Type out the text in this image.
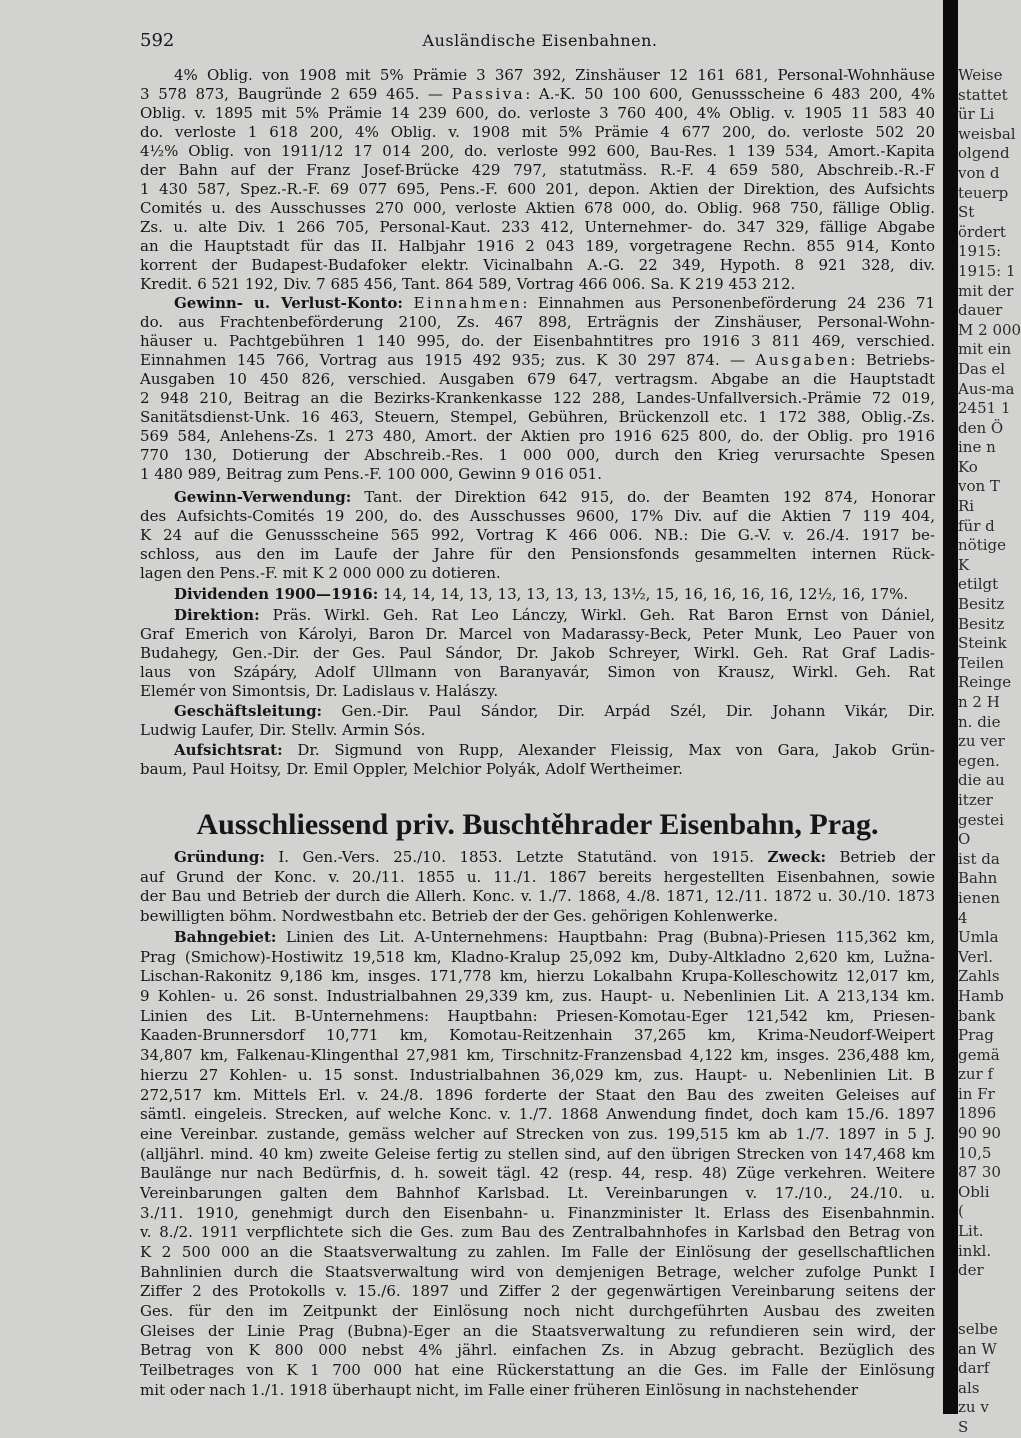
592	Ausländische Eisenbahnen.
Ausschliessend priv. Buschtěhrader Eisenbahn, Prag.
4% Oblig. von 1908 mit 5% Prämie 3 367 392, Zinshäuser 12 161 681, Personal-Wohnhäuse
3 578 873, Baugründe 2 659 465. — Passiva: A.-K. 50 100 600, Genussscheine 6 483 200, 4%
Oblig. v. 1895 mit 5% Prämie 14 239 600, do. verloste 3 760 400, 4% Oblig. v. 1905 11 583 40
do. verloste 1 618 200, 4% Oblig. v. 1908 mit 5% Prämie 4 677 200, do. verloste 502 20
4½% Oblig. von 1911/12 17 014 200, do. verloste 992 600, Bau-Res. 1 139 534, Amort.-Kapita
der Bahn auf der Franz Josef-Brücke 429 797, statutmäss. R.-F. 4 659 580, Abschreib.-R.-F
1 430 587, Spez.-R.-F. 69 077 695, Pens.-F. 600 201, depon. Aktien der Direktion, des Aufsichts
Comités u. des Ausschusses 270 000, verloste Aktien 678 000, do. Oblig. 968 750, fällige Oblig.
Zs. u. alte Div. 1 266 705, Personal-Kaut. 233 412, Unternehmer- do. 347 329, fällige Abgabe
an die Hauptstadt für das II. Halbjahr 1916 2 043 189, vorgetragene Rechn. 855 914, Konto
korrent der Budapest-Budafoker elektr. Vicinalbahn A.-G. 22 349, Hypoth. 8 921 328, div.
Kredit. 6 521 192, Div. 7 685 456, Tant. 864 589, Vortrag 466 006. Sa. K 219 453 212.
Gewinn- u. Verlust-Konto: Einnahmen: Einnahmen aus Personenbeförderung 24 236 71
do. aus Frachtenbeförderung 2100, Zs. 467 898, Erträgnis der Zinshäuser, Personal-Wohn-
häuser u. Pachtgebühren 1 140 995, do. der Eisenbahntitres pro 1916 3 811 469, verschied.
Einnahmen 145 766, Vortrag aus 1915 492 935; zus. K 30 297 874. — Ausgaben: Betriebs-
Ausgaben 10 450 826, verschied. Ausgaben 679 647, vertragsm. Abgabe an die Hauptstadt
2 948 210, Beitrag an die Bezirks-Krankenkasse 122 288, Landes-Unfallversich.-Prämie 72 019,
Sanitätsdienst-Unk. 16 463, Steuern, Stempel, Gebühren, Brückenzoll etc. 1 172 388, Oblig.-Zs.
569 584, Anlehens-Zs. 1 273 480, Amort. der Aktien pro 1916 625 800, do. der Oblig. pro 1916
770 130, Dotierung der Abschreib.-Res. 1 000 000, durch den Krieg verursachte Spesen
1 480 989, Beitrag zum Pens.-F. 100 000, Gewinn 9 016 051.
Gewinn-Verwendung: Tant. der Direktion 642 915, do. der Beamten 192 874, Honorar
des Aufsichts-Comités 19 200, do. des Ausschusses 9600, 17% Div. auf die Aktien 7 119 404,
K 24 auf die Genussscheine 565 992, Vortrag K 466 006. NB.: Die G.-V. v. 26./4. 1917 be-
schloss, aus den im Laufe der Jahre für den Pensionsfonds gesammelten internen Rück-
lagen den Pens.-F. mit K 2 000 000 zu dotieren.
Dividenden 1900—1916: 14, 14, 14, 13, 13, 13, 13, 13, 13½, 15, 16, 16, 16, 16, 12½, 16, 17%.
Direktion: Präs. Wirkl. Geh. Rat Leo Lánczy, Wirkl. Geh. Rat Baron Ernst von Dániel,
Graf Emerich von Károlyi, Baron Dr. Marcel von Madarassy-Beck, Peter Munk, Leo Pauer von
Budahegy, Gen.-Dir. der Ges. Paul Sándor, Dr. Jakob Schreyer, Wirkl. Geh. Rat Graf Ladis-
laus von Szápáry, Adolf Ullmann von Baranyavár, Simon von Krausz, Wirkl. Geh. Rat
Elemér von Simontsis, Dr. Ladislaus v. Halászy.
Geschäftsleitung: Gen.-Dir. Paul Sándor, Dir. Arpád Szél, Dir. Johann Vikár, Dir.
Ludwig Laufer, Dir. Stellv. Armin Sós.
Aufsichtsrat: Dr. Sigmund von Rupp, Alexander Fleissig, Max von Gara, Jakob Grün-
baum, Paul Hoitsy, Dr. Emil Oppler, Melchior Polyák, Adolf Wertheimer.
Gründung: I. Gen.-Vers. 25./10. 1853. Letzte Statutänd. von 1915. Zweck: Betrieb der
auf Grund der Konc. v. 20./11. 1855 u. 11./1. 1867 bereits hergestellten Eisenbahnen, sowie
der Bau und Betrieb der durch die Allerh. Konc. v. 1./7. 1868, 4./8. 1871, 12./11. 1872 u. 30./10. 1873
bewilligten böhm. Nordwestbahn etc. Betrieb der der Ges. gehörigen Kohlenwerke.
Bahngebiet: Linien des Lit. A-Unternehmens: Hauptbahn: Prag (Bubna)-Priesen 115,362 km,
Prag (Smichow)-Hostiwitz 19,518 km, Kladno-Kralup 25,092 km, Duby-Altkladno 2,620 km, Lužna-
Lischan-Rakonitz 9,186 km, insges. 171,778 km, hierzu Lokalbahn Krupa-Kolleschowitz 12,017 km,
9 Kohlen- u. 26 sonst. Industrialbahnen 29,339 km, zus. Haupt- u. Nebenlinien Lit. A 213,134 km.
Linien des Lit. B-Unternehmens: Hauptbahn: Priesen-Komotau-Eger 121,542 km, Priesen-
Kaaden-Brunnersdorf 10,771 km, Komotau-Reitzenhain 37,265 km, Krima-Neudorf-Weipert
34,807 km, Falkenau-Klingenthal 27,981 km, Tirschnitz-Franzensbad 4,122 km, insges. 236,488 km,
hierzu 27 Kohlen- u. 15 sonst. Industrialbahnen 36,029 km, zus. Haupt- u. Nebenlinien Lit. B
272,517 km. Mittels Erl. v. 24./8. 1896 forderte der Staat den Bau des zweiten Geleises auf
sämtl. eingeleis. Strecken, auf welche Konc. v. 1./7. 1868 Anwendung findet, doch kam 15./6. 1897
eine Vereinbar. zustande, gemäss welcher auf Strecken von zus. 199,515 km ab 1./7. 1897 in 5 J.
(alljährl. mind. 40 km) zweite Geleise fertig zu stellen sind, auf den übrigen Strecken von 147,468 km
Baulänge nur nach Bedürfnis, d. h. soweit tägl. 42 (resp. 44, resp. 48) Züge verkehren. Weitere
Vereinbarungen galten dem Bahnhof Karlsbad. Lt. Vereinbarungen v. 17./10., 24./10. u.
3./11. 1910, genehmigt durch den Eisenbahn- u. Finanzminister lt. Erlass des Eisenbahnmin.
v. 8./2. 1911 verpflichtete sich die Ges. zum Bau des Zentralbahnhofes in Karlsbad den Betrag von
K 2 500 000 an die Staatsverwaltung zu zahlen. Im Falle der Einlösung der gesellschaftlichen
Bahnlinien durch die Staatsverwaltung wird von demjenigen Betrage, welcher zufolge Punkt I
Ziffer 2 des Protokolls v. 15./6. 1897 und Ziffer 2 der gegenwärtigen Vereinbarung seitens der
Ges. für den im Zeitpunkt der Einlösung noch nicht durchgeführten Ausbau des zweiten
Gleises der Linie Prag (Bubna)-Eger an die Staatsverwaltung zu refundieren sein wird, der
Betrag von K 800 000 nebst 4% jährl. einfachen Zs. in Abzug gebracht. Bezüglich des
Teilbetrages von K 1 700 000 hat eine Rückerstattung an die Ges. im Falle der Einlösung
mit oder nach 1./1. 1918 überhaupt nicht, im Falle einer früheren Einlösung in nachstehender
Weise
stattet
ür Li
weisbal
olgend
von d
teuerp
St
ördert
1915:
1915: 1
mit der
dauer
M 2 000
mit ein
Das el
Aus-ma
2451 1
den Ö
ine n
Ko
von T
Ri
für d
nötige
K
etilgt
Besitz
Besitz
Steink
Teilen
Reinge
n 2 H
n. die
zu ver
egen.
die au
itzer
gestei
O
ist da
Bahn
ienen
4
Umla
Verl.
Zahls
Hamb
bank
Prag
gemä
zur f
in Fr
1896
90 90
10,5
87 30
Obli
(
Lit.
inkl.
der
selbe
an W
darf
als
zu v
S
